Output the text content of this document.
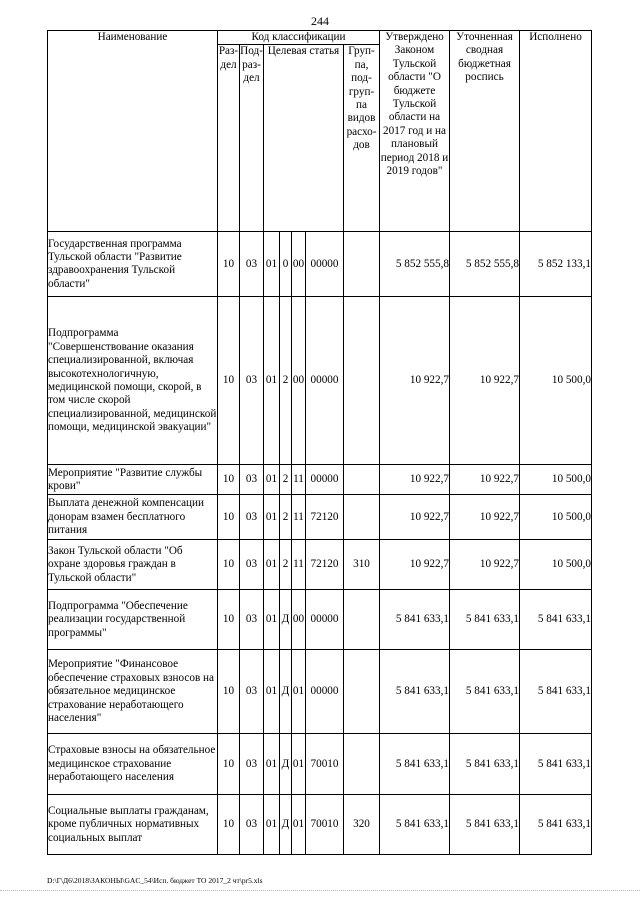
244
Наименование	Код классификации							Утверждено Законом Тульской области "О бюджете Тульской области на 2017 год и на плановый период 2018 и 2019 годов"	Уточненная сводная бюджетная роспись	Исполнено
	Раз-дел	Под-раз-дел	Целевая статья				Груп-па, под-груп-па видов расхо-дов			
Государственная программа Тульской области "Развитие здравоохранения Тульской области"	10	03	01	0	00	00000		5 852 555,8	5 852 555,8	5 852 133,1
Подпрограмма "Совершенствование оказания специализированной, включая высокотехнологичную, медицинской помощи, скорой, в том числе скорой специализированной, медицинской помощи, медицинской эвакуации"	10	03	01	2	00	00000		10 922,7	10 922,7	10 500,0
Мероприятие "Развитие службы крови"	10	03	01	2	11	00000		10 922,7	10 922,7	10 500,0
Выплата денежной компенсации донорам взамен бесплатного питания	10	03	01	2	11	72120		10 922,7	10 922,7	10 500,0
Закон Тульской области "Об охране здоровья граждан в Тульской области"	10	03	01	2	11	72120	310	10 922,7	10 922,7	10 500,0
Подпрограмма "Обеспечение реализации государственной программы"	10	03	01	Д	00	00000		5 841 633,1	5 841 633,1	5 841 633,1
Мероприятие "Финансовое обеспечение страховых взносов на обязательное медицинское страхование неработающего населения"	10	03	01	Д	01	00000		5 841 633,1	5 841 633,1	5 841 633,1
Страховые взносы на обязательное медицинское страхование неработающего населения	10	03	01	Д	01	70010		5 841 633,1	5 841 633,1	5 841 633,1
Социальные выплаты гражданам, кроме публичных нормативных социальных выплат	10	03	01	Д	01	70010	320	5 841 633,1	5 841 633,1	5 841 633,1
D:\Г\Д6\2018\ЗАКОНЫ\GAC_54\Исп. бюджет ТО 2017_2 чт\pr5.xls
